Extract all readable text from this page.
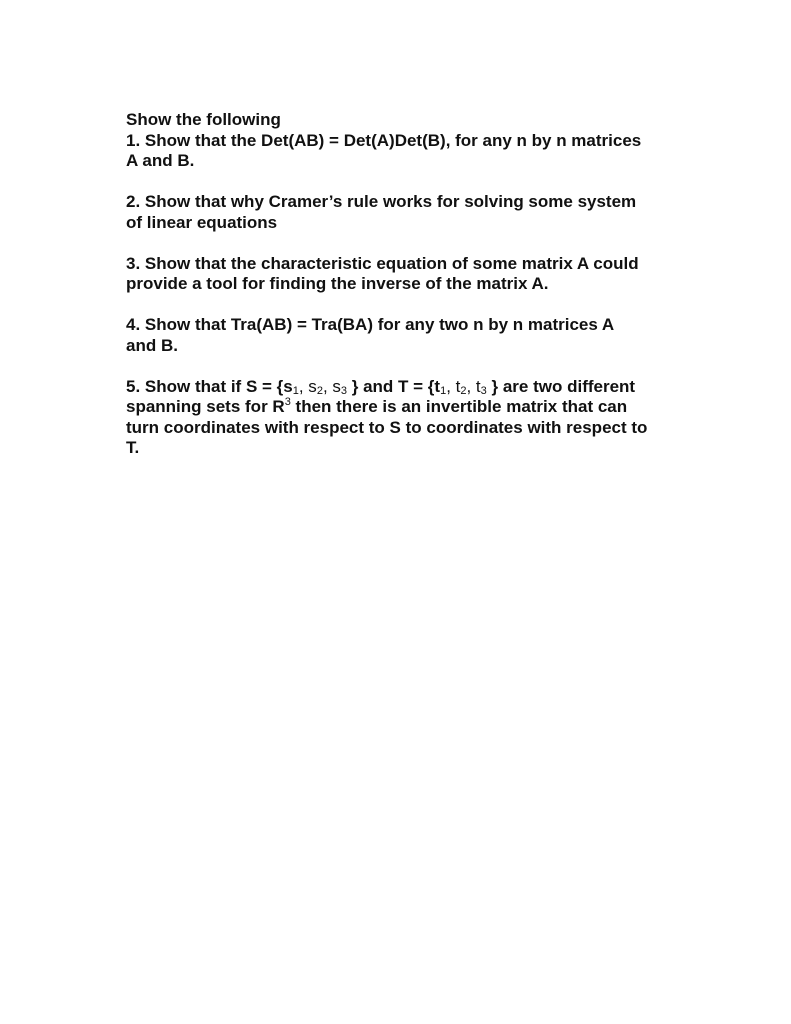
Show the following
1. Show that the Det(AB) = Det(A)Det(B), for any n by n matrices
A and B.
2. Show that why Cramer’s rule works for solving some system
of linear equations
3. Show that the characteristic equation of some matrix A could
provide a tool for finding the inverse of the matrix A.
4. Show that Tra(AB) = Tra(BA) for any two n by n matrices A
and B.
5. Show that if S = {s1, s2, s3 } and T = {t1, t2, t3 } are two different
spanning sets for $R^3$ then there is an invertible matrix that can
turn coordinates with respect to S to coordinates with respect to
T.
